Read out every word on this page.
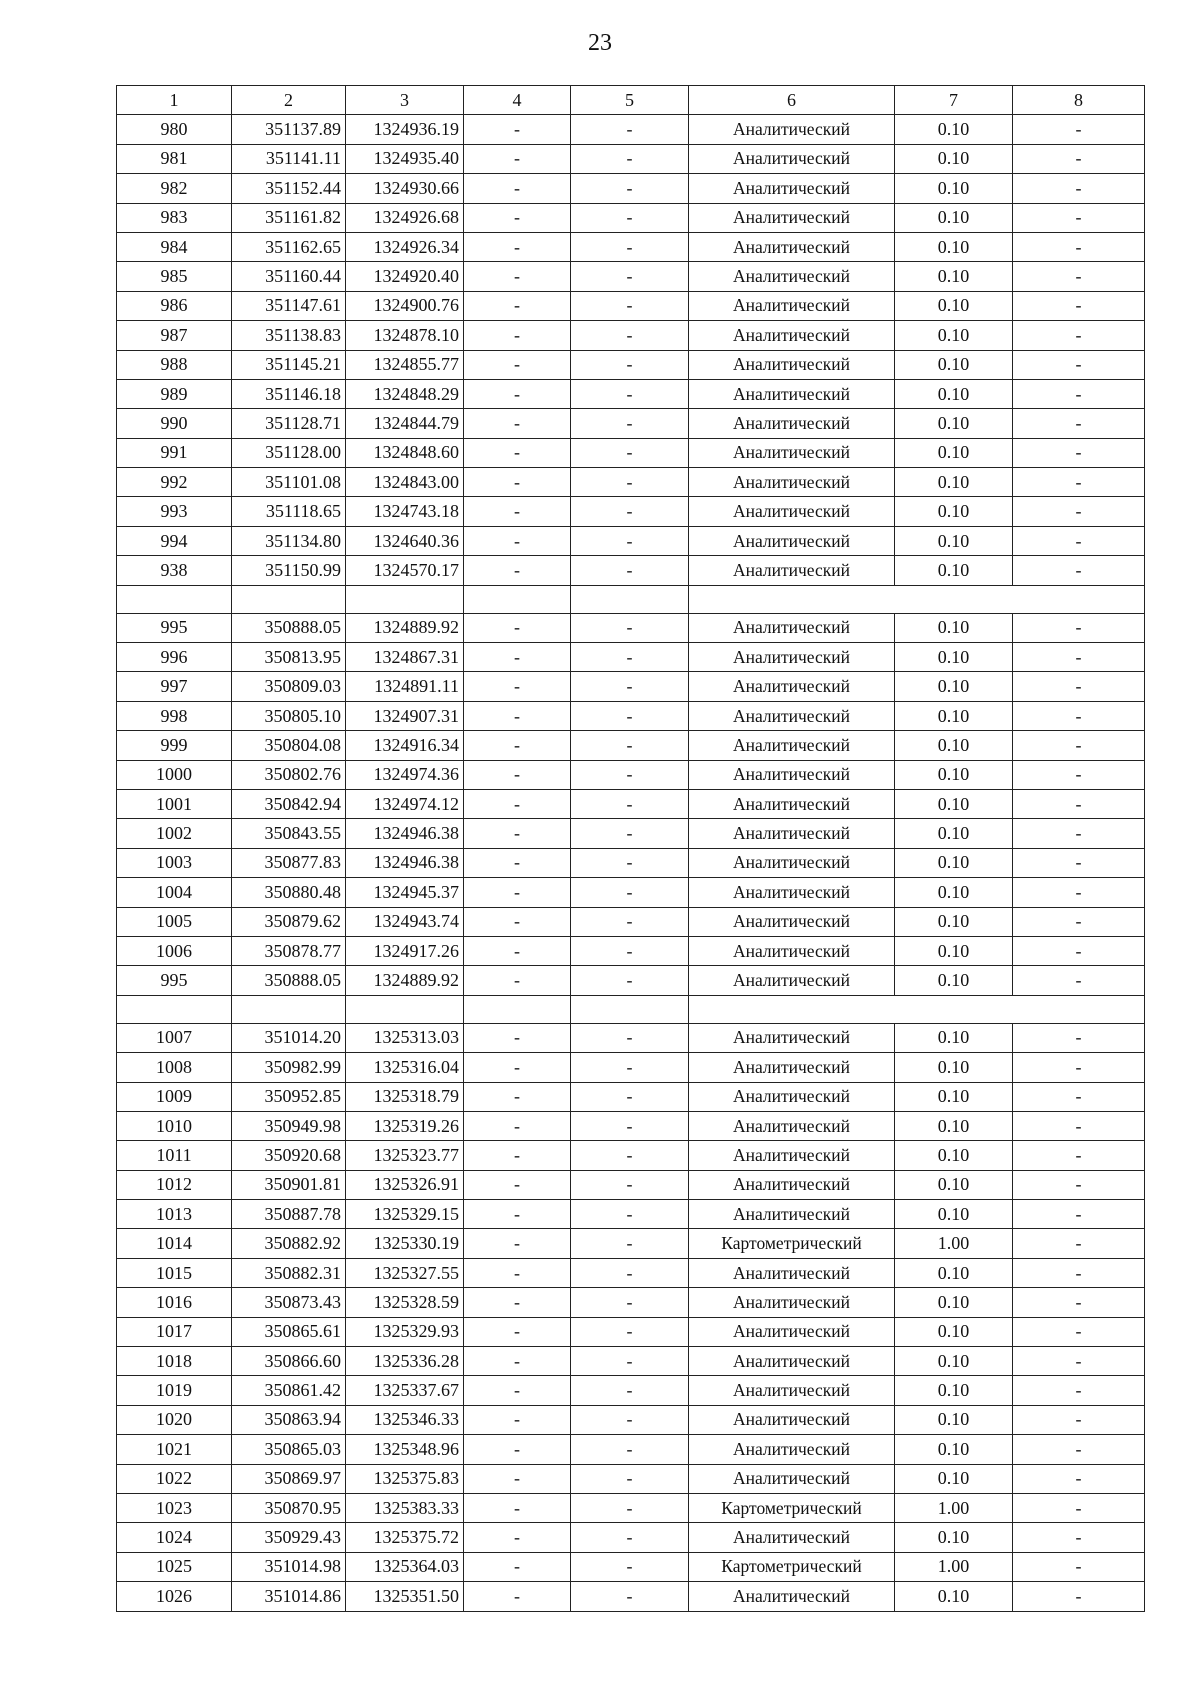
23
1	2	3	4	5	6	7	8
980	351137.89	1324936.19	-	-	Аналитический	0.10	-
981	351141.11	1324935.40	-	-	Аналитический	0.10	-
982	351152.44	1324930.66	-	-	Аналитический	0.10	-
983	351161.82	1324926.68	-	-	Аналитический	0.10	-
984	351162.65	1324926.34	-	-	Аналитический	0.10	-
985	351160.44	1324920.40	-	-	Аналитический	0.10	-
986	351147.61	1324900.76	-	-	Аналитический	0.10	-
987	351138.83	1324878.10	-	-	Аналитический	0.10	-
988	351145.21	1324855.77	-	-	Аналитический	0.10	-
989	351146.18	1324848.29	-	-	Аналитический	0.10	-
990	351128.71	1324844.79	-	-	Аналитический	0.10	-
991	351128.00	1324848.60	-	-	Аналитический	0.10	-
992	351101.08	1324843.00	-	-	Аналитический	0.10	-
993	351118.65	1324743.18	-	-	Аналитический	0.10	-
994	351134.80	1324640.36	-	-	Аналитический	0.10	-
938	351150.99	1324570.17	-	-	Аналитический	0.10	-

995	350888.05	1324889.92	-	-	Аналитический	0.10	-
996	350813.95	1324867.31	-	-	Аналитический	0.10	-
997	350809.03	1324891.11	-	-	Аналитический	0.10	-
998	350805.10	1324907.31	-	-	Аналитический	0.10	-
999	350804.08	1324916.34	-	-	Аналитический	0.10	-
1000	350802.76	1324974.36	-	-	Аналитический	0.10	-
1001	350842.94	1324974.12	-	-	Аналитический	0.10	-
1002	350843.55	1324946.38	-	-	Аналитический	0.10	-
1003	350877.83	1324946.38	-	-	Аналитический	0.10	-
1004	350880.48	1324945.37	-	-	Аналитический	0.10	-
1005	350879.62	1324943.74	-	-	Аналитический	0.10	-
1006	350878.77	1324917.26	-	-	Аналитический	0.10	-
995	350888.05	1324889.92	-	-	Аналитический	0.10	-

1007	351014.20	1325313.03	-	-	Аналитический	0.10	-
1008	350982.99	1325316.04	-	-	Аналитический	0.10	-
1009	350952.85	1325318.79	-	-	Аналитический	0.10	-
1010	350949.98	1325319.26	-	-	Аналитический	0.10	-
1011	350920.68	1325323.77	-	-	Аналитический	0.10	-
1012	350901.81	1325326.91	-	-	Аналитический	0.10	-
1013	350887.78	1325329.15	-	-	Аналитический	0.10	-
1014	350882.92	1325330.19	-	-	Картометрический	1.00	-
1015	350882.31	1325327.55	-	-	Аналитический	0.10	-
1016	350873.43	1325328.59	-	-	Аналитический	0.10	-
1017	350865.61	1325329.93	-	-	Аналитический	0.10	-
1018	350866.60	1325336.28	-	-	Аналитический	0.10	-
1019	350861.42	1325337.67	-	-	Аналитический	0.10	-
1020	350863.94	1325346.33	-	-	Аналитический	0.10	-
1021	350865.03	1325348.96	-	-	Аналитический	0.10	-
1022	350869.97	1325375.83	-	-	Аналитический	0.10	-
1023	350870.95	1325383.33	-	-	Картометрический	1.00	-
1024	350929.43	1325375.72	-	-	Аналитический	0.10	-
1025	351014.98	1325364.03	-	-	Картометрический	1.00	-
1026	351014.86	1325351.50	-	-	Аналитический	0.10	-
